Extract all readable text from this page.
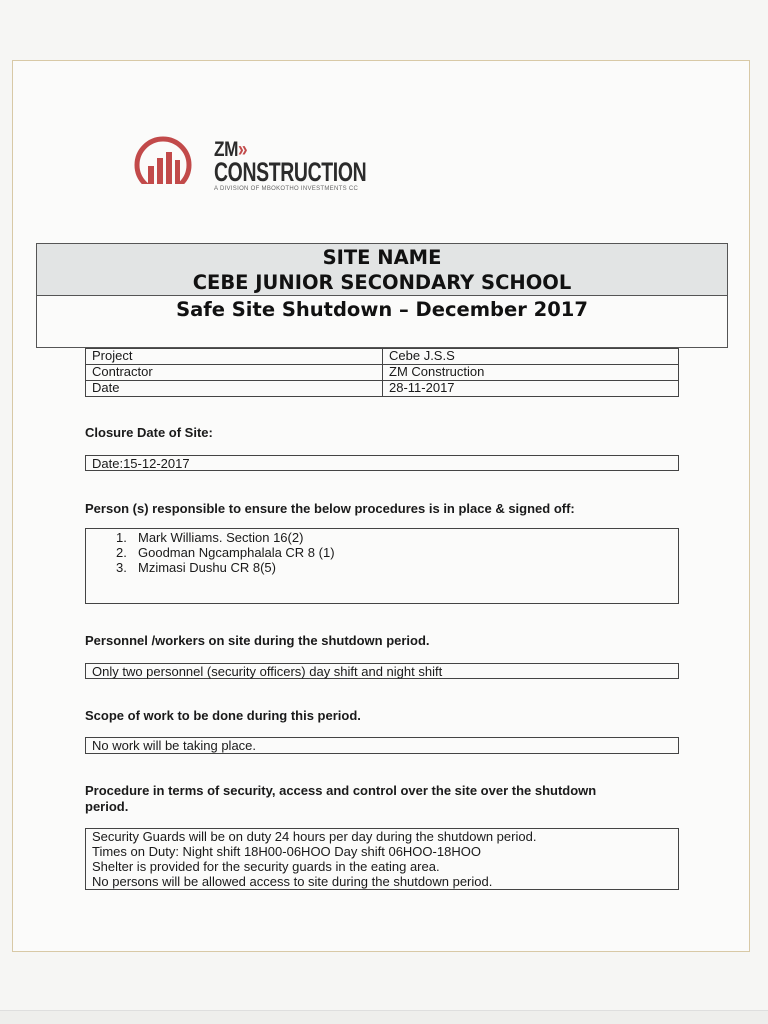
ZM»
CONSTRUCTION
A DIVISION OF MBOKOTHO INVESTMENTS CC
SITE NAME
CEBE JUNIOR SECONDARY SCHOOL
Safe Site Shutdown – December 2017
Project	Cebe J.S.S
Contractor	ZM Construction
Date	28-11-2017
Closure Date of Site:
Date:15-12-2017
Person (s) responsible to ensure the below procedures is in place & signed off:
1. Mark Williams. Section 16(2)
2. Goodman Ngcamphalala CR 8 (1)
3. Mzimasi Dushu CR 8(5)
Personnel /workers on site during the shutdown period.
Only two personnel (security officers) day shift and night shift
Scope of work to be done during this period.
No work will be taking place.
Procedure in terms of security, access and control over the site over the shutdown
period.
Security Guards will be on duty 24 hours per day during the shutdown period.
Times on Duty: Night shift 18H00-06HOO Day shift 06HOO-18HOO
Shelter is provided for the security guards in the eating area.
No persons will be allowed access to site during the shutdown period.
